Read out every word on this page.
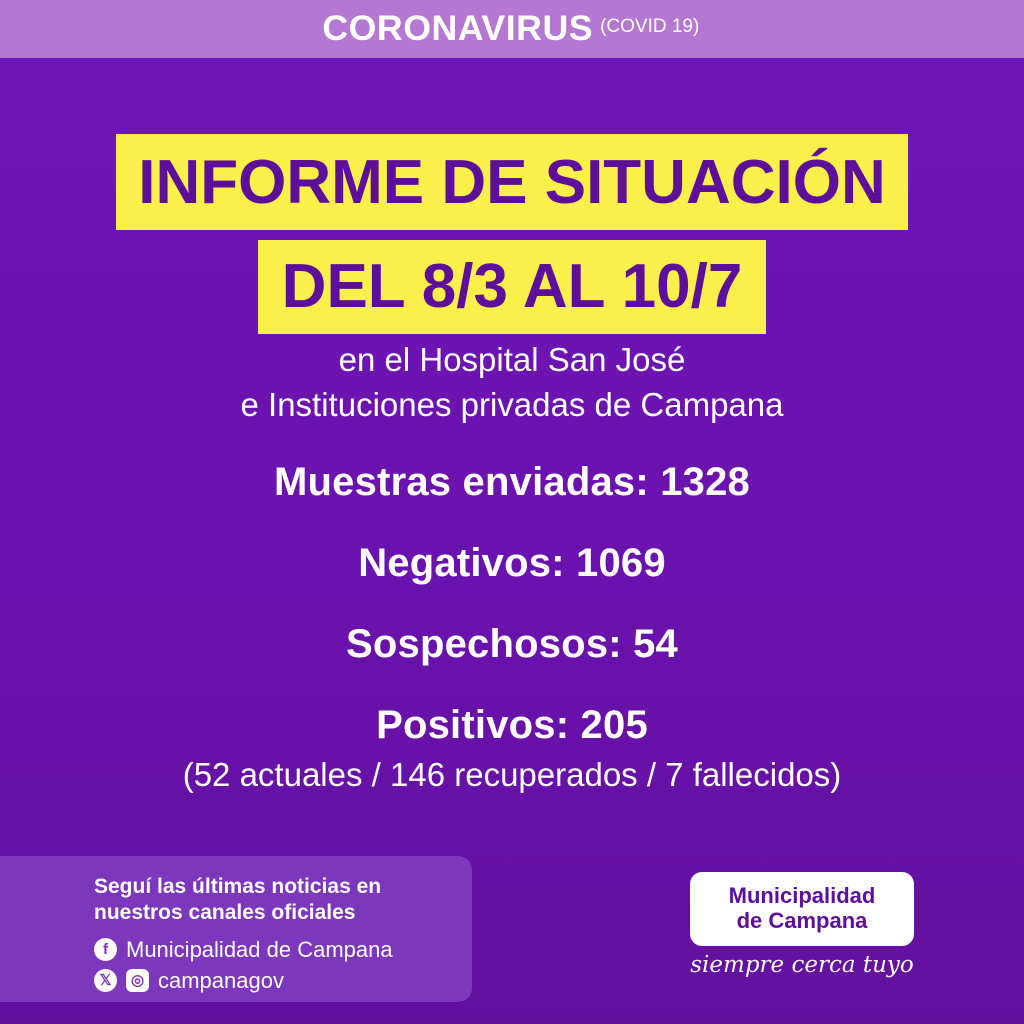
CORONAVIRUS (COVID 19)
INFORME DE SITUACIÓN
DEL 8/3 AL 10/7
en el Hospital San José
e Instituciones privadas de Campana
Muestras enviadas: 1328
Negativos: 1069
Sospechosos: 54
Positivos: 205
(52 actuales / 146 recuperados / 7 fallecidos)
Seguí las últimas noticias en
nuestros canales oficiales
f Municipalidad de Campana
𝕏	◎ campanagov
Municipalidad
de Campana
siempre cerca tuyo
